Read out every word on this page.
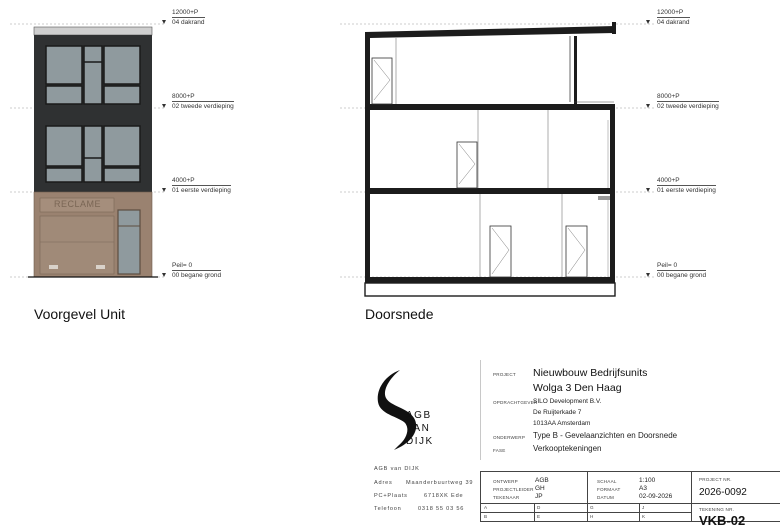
RECLAME
12000+P
04 dakrand
8000+P
02 tweede verdieping
4000+P
01 eerste verdieping
Peil= 0
00 begane grond
Voorgevel Unit
12000+P
04 dakrand
8000+P
02 tweede verdieping
4000+P
01 eerste verdieping
Peil= 0
00 begane grond
Doorsnede
AGB
VAN
DIJK
AGB van DIJK
Adres Maanderbuurtweg 39
PC+Plaats	6718XK Ede
Telefoon	0318 55 03 56
PROJECT Nieuwbouw Bedrijfsunits
Wolga 3 Den Haag
OPDRACHTGEVER
SILO Development B.V.
De Ruijterkade 7
1013AA Amsterdam
ONDERWERP Type B - Gevelaanzichten en Doorsnede
FASE	Verkooptekeningen
ONTWERP	AGB
PROJECTLEIDER GH
TEKENAAR JP
SCHAAL	1:100
FORMAAT	A3
DATUM	02-09-2026
PROJECT NR.
2026-0092
TEKENING NR.
VKB-02
A	D	G	J
B	E	H	K
